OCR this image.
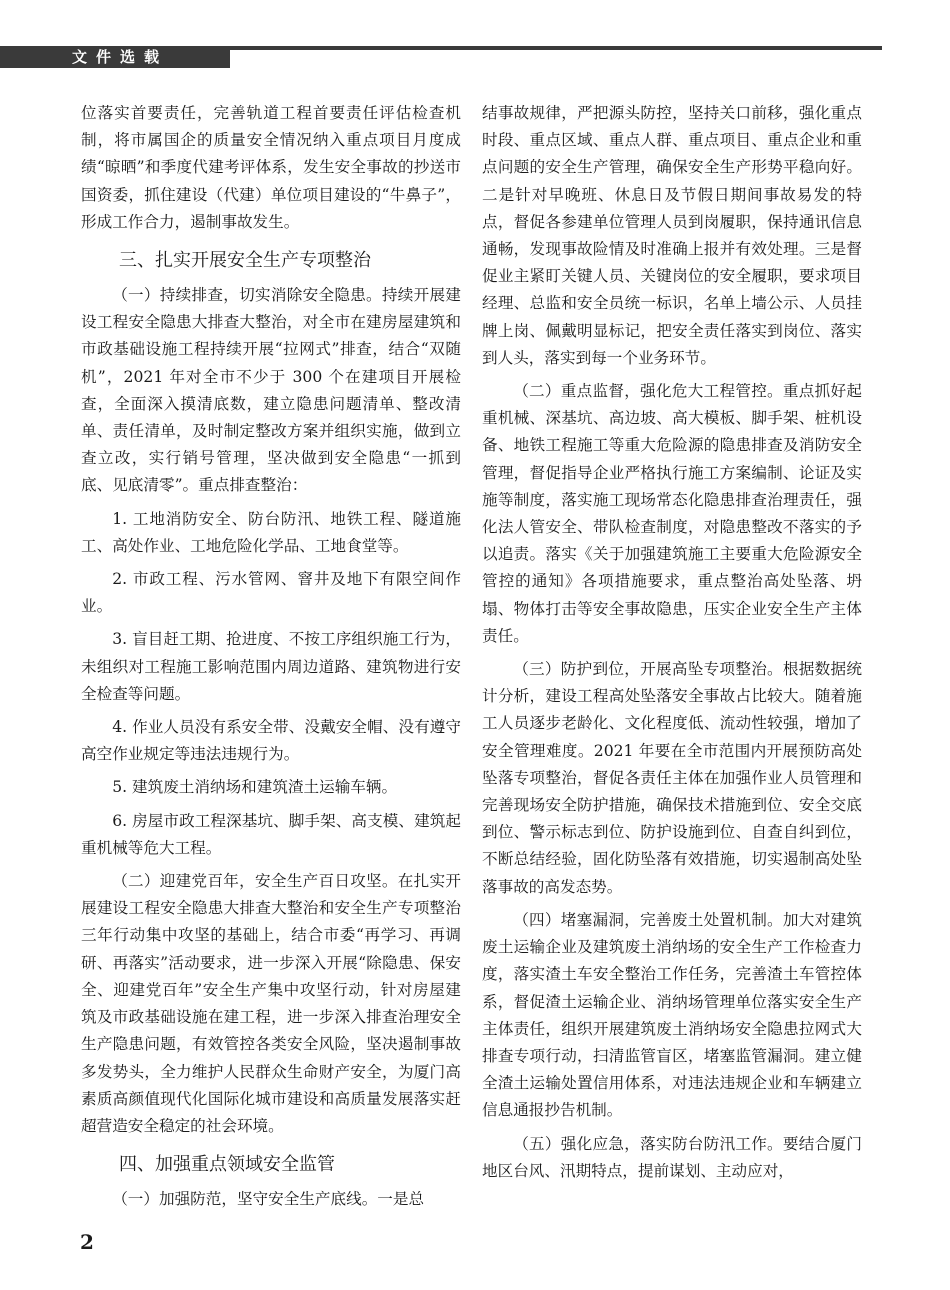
文件选载

位落实首要责任，完善轨道工程首要责任评估检查机制，将市属国企的质量安全情况纳入重点项目月度成绩“晾晒”和季度代建考评体系，发生安全事故的抄送市国资委，抓住建设（代建）单位项目建设的“牛鼻子”，形成工作合力，遏制事故发生。

三、扎实开展安全生产专项整治

（一）持续排查，切实消除安全隐患。持续开展建设工程安全隐患大排查大整治，对全市在建房屋建筑和市政基础设施工程持续开展“拉网式”排查，结合“双随机”，2021 年对全市不少于 300 个在建项目开展检查，全面深入摸清底数，建立隐患问题清单、整改清单、责任清单，及时制定整改方案并组织实施，做到立查立改，实行销号管理，坚决做到安全隐患“一抓到底、见底清零”。重点排查整治：

1. 工地消防安全、防台防汛、地铁工程、隧道施工、高处作业、工地危险化学品、工地食堂等。

2. 市政工程、污水管网、窨井及地下有限空间作业。

3. 盲目赶工期、抢进度、不按工序组织施工行为，未组织对工程施工影响范围内周边道路、建筑物进行安全检查等问题。

4. 作业人员没有系安全带、没戴安全帽、没有遵守高空作业规定等违法违规行为。

5. 建筑废土消纳场和建筑渣土运输车辆。

6. 房屋市政工程深基坑、脚手架、高支模、建筑起重机械等危大工程。

（二）迎建党百年，安全生产百日攻坚。在扎实开展建设工程安全隐患大排查大整治和安全生产专项整治三年行动集中攻坚的基础上，结合市委“再学习、再调研、再落实”活动要求，进一步深入开展“除隐患、保安全、迎建党百年”安全生产集中攻坚行动，针对房屋建筑及市政基础设施在建工程，进一步深入排查治理安全生产隐患问题，有效管控各类安全风险，坚决遏制事故多发势头，全力维护人民群众生命财产安全，为厦门高素质高颜值现代化国际化城市建设和高质量发展落实赶超营造安全稳定的社会环境。

四、加强重点领域安全监管

（一）加强防范，坚守安全生产底线。一是总

结事故规律，严把源头防控，坚持关口前移，强化重点时段、重点区域、重点人群、重点项目、重点企业和重点问题的安全生产管理，确保安全生产形势平稳向好。二是针对早晚班、休息日及节假日期间事故易发的特点，督促各参建单位管理人员到岗履职，保持通讯信息通畅，发现事故险情及时准确上报并有效处理。三是督促业主紧盯关键人员、关键岗位的安全履职，要求项目经理、总监和安全员统一标识，名单上墙公示、人员挂牌上岗、佩戴明显标记，把安全责任落实到岗位、落实到人头，落实到每一个业务环节。

（二）重点监督，强化危大工程管控。重点抓好起重机械、深基坑、高边坡、高大模板、脚手架、桩机设备、地铁工程施工等重大危险源的隐患排查及消防安全管理，督促指导企业严格执行施工方案编制、论证及实施等制度，落实施工现场常态化隐患排查治理责任，强化法人管安全、带队检查制度，对隐患整改不落实的予以追责。落实《关于加强建筑施工主要重大危险源安全管控的通知》各项措施要求，重点整治高处坠落、坍塌、物体打击等安全事故隐患，压实企业安全生产主体责任。

（三）防护到位，开展高坠专项整治。根据数据统计分析，建设工程高处坠落安全事故占比较大。随着施工人员逐步老龄化、文化程度低、流动性较强，增加了安全管理难度。2021 年要在全市范围内开展预防高处坠落专项整治，督促各责任主体在加强作业人员管理和完善现场安全防护措施，确保技术措施到位、安全交底到位、警示标志到位、防护设施到位、自查自纠到位，不断总结经验，固化防坠落有效措施，切实遏制高处坠落事故的高发态势。

（四）堵塞漏洞，完善废土处置机制。加大对建筑废土运输企业及建筑废土消纳场的安全生产工作检查力度，落实渣土车安全整治工作任务，完善渣土车管控体系，督促渣土运输企业、消纳场管理单位落实安全生产主体责任，组织开展建筑废土消纳场安全隐患拉网式大排查专项行动，扫清监管盲区，堵塞监管漏洞。建立健全渣土运输处置信用体系，对违法违规企业和车辆建立信息通报抄告机制。

（五）强化应急，落实防台防汛工作。要结合厦门地区台风、汛期特点，提前谋划、主动应对，

2
